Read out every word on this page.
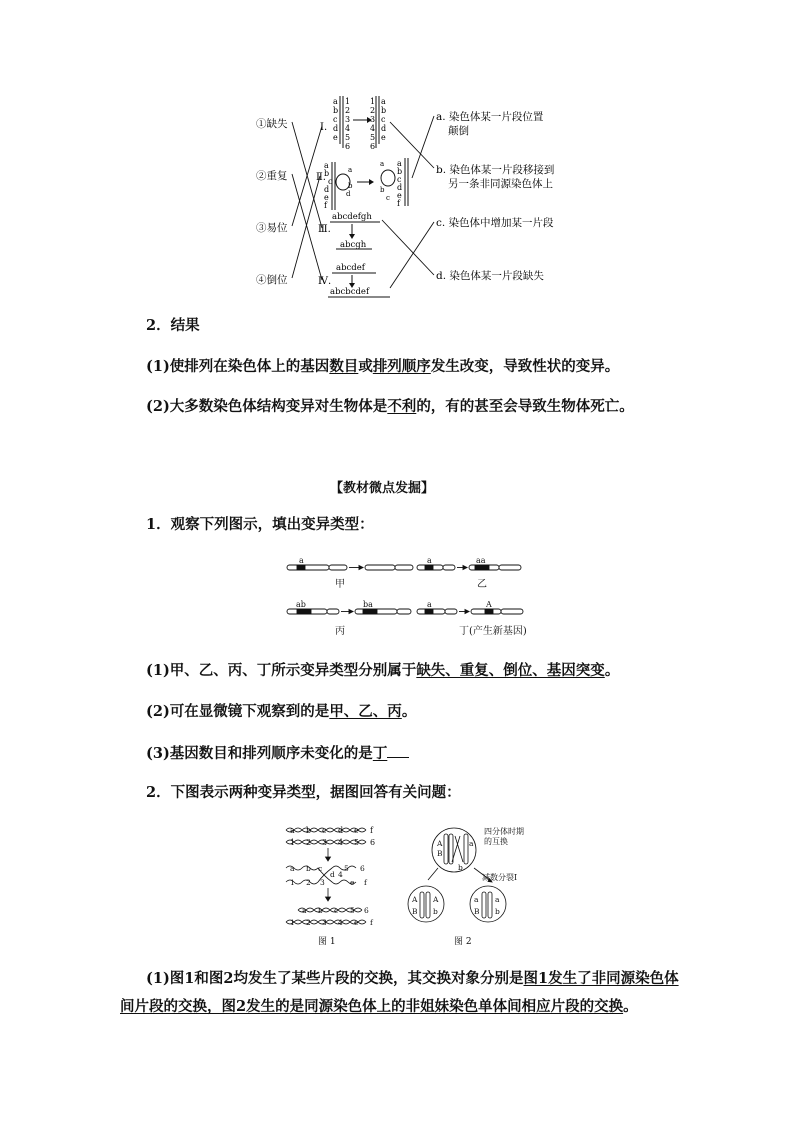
①缺失
②重复
③易位
④倒位
Ⅰ.
Ⅱ.
Ⅲ.
Ⅳ.
a
b
c
d
e
1
2
3
4
5
6
1
2
3
4
5
6
a
b
c
d
e
a
b
c
d
e
f
a
b
d
a
b
c
a
b
c
d
e
f
abcdefgh
abcgh
abcdef
abcbcdef
a. 染色体某一片段位置
颠倒
b. 染色体某一片段移接到
另一条非同源染色体上
c. 染色体中增加某一片段
d. 染色体某一片段缺失
2．结果
(1)使排列在染色体上的基因数目或排列顺序发生改变，导致性状的变异。
(2)大多数染色体结构变异对生物体是不利的，有的甚至会导致生物体死亡。
【教材微点发掘】
1．观察下列图示，填出变异类型：
a	a	aa
ab	ba	a	A
甲	乙
丙	丁(产生新基因)
(1)甲、乙、丙、丁所示变异类型分别属于缺失、重复、倒位、基因突变。
(2)可在显微镜下观察到的是甲、乙、丙。
(3)基因数目和排列顺序未变化的是丁
2．下图表示两种变异类型，据图回答有关问题：
a b c d e f
1 2 3 4 5 6
a b c	5 6
1 2 3
4
d
e f
a b c 5 6
1 2 3 4 e f
图 1
A
B
a
b
四分体时期
的互换
减数分裂Ⅰ
A
B
A
b
a
B
a
b
图 2
(1)图1和图2均发生了某些片段的交换，其交换对象分别是图1发生了非同源染色体
间片段的交换，图2发生的是同源染色体上的非姐妹染色单体间相应片段的交换。
